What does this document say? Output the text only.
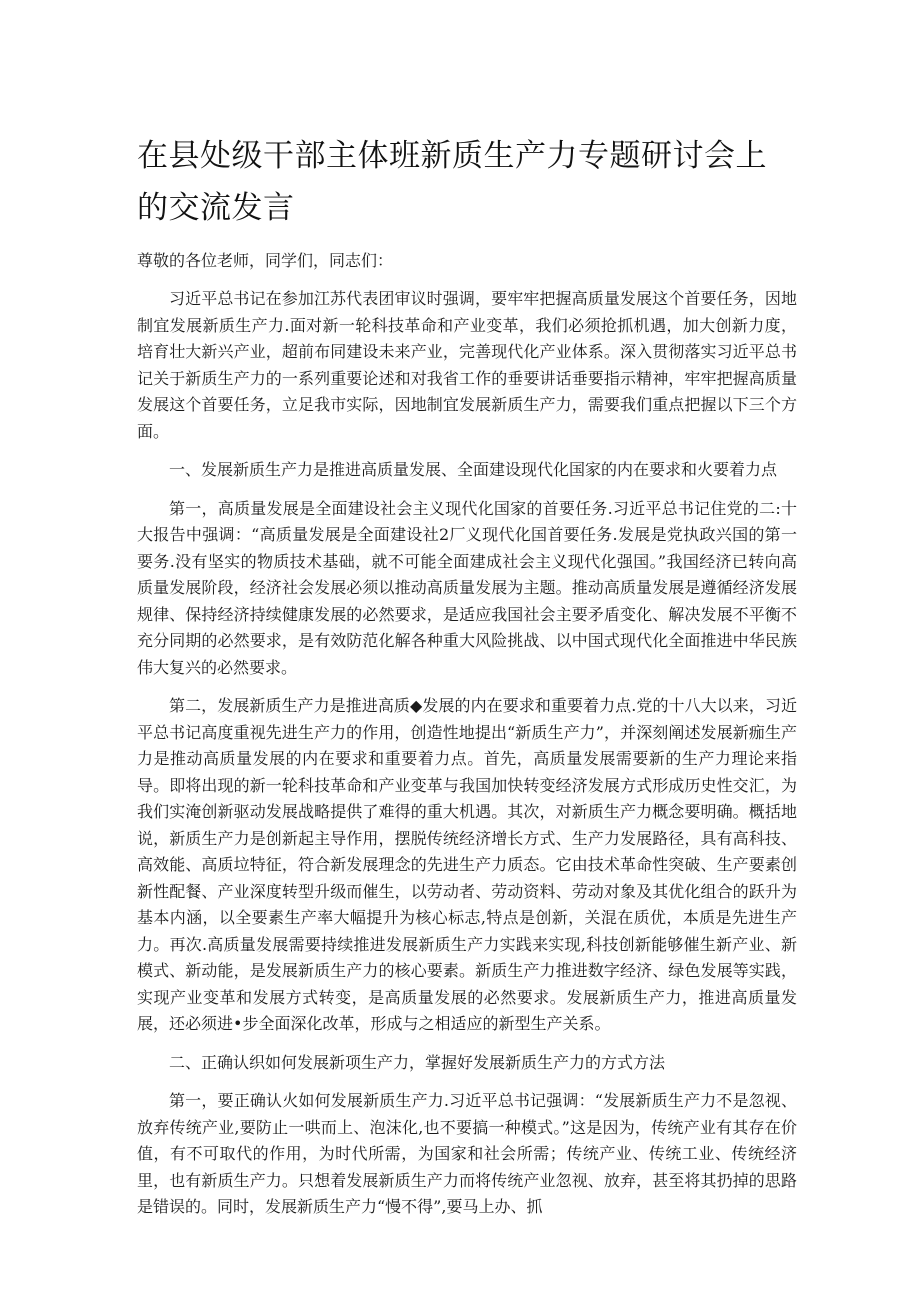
在县处级干部主体班新质生产力专题研讨会上的交流发言

尊敬的各位老师，同学们，同志们：

习近平总书记在参加江苏代表团审议时强调，要牢牢把握高质量发展这个首要任务，因地制宜发展新质生产力.面对新一轮科技革命和产业变革，我们必须抢抓机遇，加大创新力度，培育壮大新兴产业，超前布同建设未来产业，完善现代化产业体系。深入贯彻落实习近平总书记关于新质生产力的一系列重要论述和对我省工作的垂要讲话垂要指示精神，牢牢把握高质量发展这个首要任务，立足我市实际，因地制宜发展新质生产力，需要我们重点把握以下三个方面。

一、发展新质生产力是推进高质量发展、全面建设现代化国家的内在要求和火要着力点

第一，高质量发展是全面建设社会主义现代化国家的首要任务.习近平总书记住党的二:十大报告中强调：“高质量发展是全面建设社2厂义现代化国首要任务.发展是党执政兴国的第一要务.没有坚实的物质技术基础，就不可能全面建成社会主义现代化强国。”我国经济已转向高质量发展阶段，经济社会发展必须以推动高质量发展为主题。推动高质量发展是遵循经济发展规律、保持经济持续健康发展的必然要求，是适应我国社会主要矛盾变化、解决发展不平衡不充分同期的必然要求，是有效防范化解各种重大风险挑战、以中国式现代化全面推进中华民族伟大复兴的必然要求。

第二，发展新质生产力是推进高质◆发展的内在要求和重要着力点.党的十八大以来，习近平总书记高度重视先进生产力的作用，创造性地提出“新质生产力”，并深刻阐述发展新痂生产力是推动高质量发展的内在要求和重要着力点。首先，高质量发展需要新的生产力理论来指导。即将出现的新一轮科技革命和产业变革与我国加快转变经济发展方式形成历史性交汇，为我们实淹创新驱动发展战略提供了难得的重大机遇。其次，对新质生产力概念要明确。概括地说，新质生产力是创新起主导作用，摆脱传统经济增长方式、生产力发展路径，具有高科技、高效能、高质垃特征，符合新发展理念的先进生产力质态。它由技术革命性突破、生产要素创新性配餐、产业深度转型升级而催生，以劳动者、劳动资料、劳动对象及其优化组合的跃升为基本内涵，以全要素生产率大幅提升为核心标志,特点是创新，关混在质优，本质是先进生产力。再次.高质量发展需要持续推进发展新质生产力实践来实现,科技创新能够催生新产业、新模式、新动能，是发展新质生产力的核心要素。新质生产力推进数字经济、绿色发展等实践，实现产业变革和发展方式转变，是高质量发展的必然要求。发展新质生产力，推进高质量发展，还必须进•步全面深化改革，形成与之相适应的新型生产关系。

二、正确认织如何发展新项生产力，掌握好发展新质生产力的方式方法

第一，要正确认火如何发展新质生产力.习近平总书记强调：“发展新质生产力不是忽视、放弃传统产业,要防止一哄而上、泡沫化,也不要搞一种模式。”这是因为，传统产业有其存在价值，有不可取代的作用，为时代所需，为国家和社会所需；传统产业、传统工业、传统经济里，也有新质生产力。只想着发展新质生产力而将传统产业忽视、放弃，甚至将其扔掉的思路是错误的。同时，发展新质生产力“慢不得”,要马上办、抓
